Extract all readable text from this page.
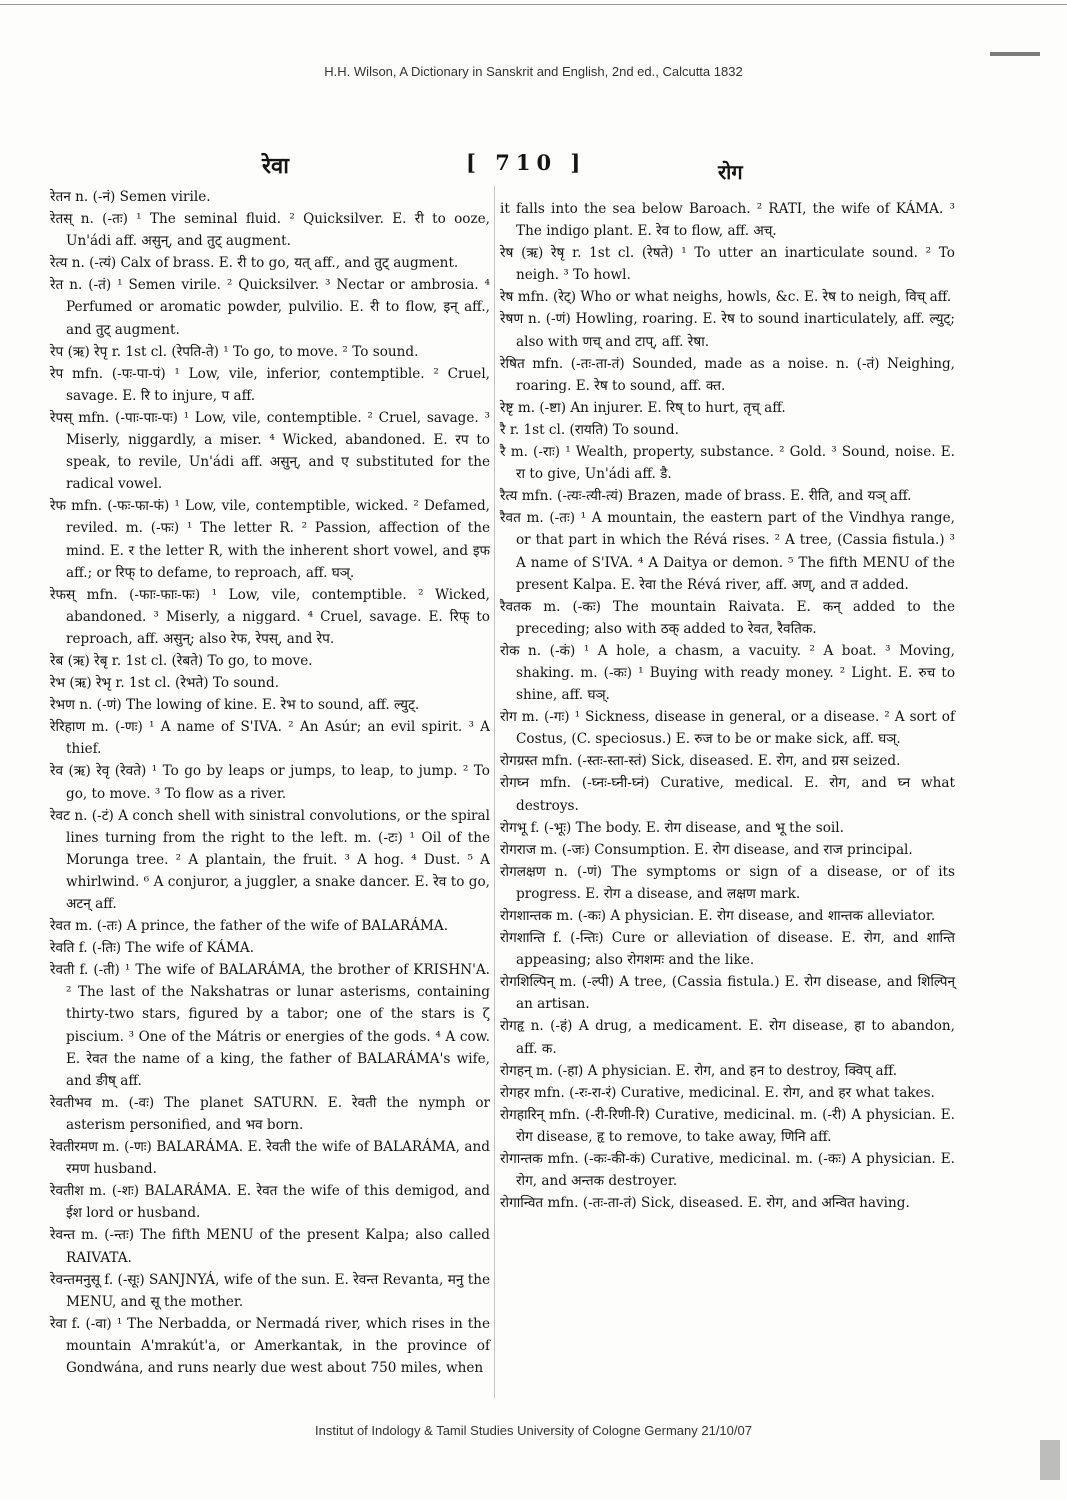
H.H. Wilson, A Dictionary in Sanskrit and English, 2nd ed., Calcutta 1832
रेवा	[ 710 ]	रोग

रेतन n. (-नं) Semen virile.

रेतस् n. (-तः) ¹ The seminal fluid. ² Quicksilver. E. री to ooze, Un'ádi aff. असुन्, and तुट् augment.

रेत्य n. (-त्यं) Calx of brass. E. री to go, यत् aff., and तुट् augment.

रेत n. (-तं) ¹ Semen virile. ² Quicksilver. ³ Nectar or ambrosia. ⁴ Perfumed or aromatic powder, pulvilio. E. री to flow, इन् aff., and तुट् augment.

रेप (ऋ) रेपृ r. 1st cl. (रेपति-ते) ¹ To go, to move. ² To sound.

रेप mfn. (-पः-पा-पं) ¹ Low, vile, inferior, contemptible. ² Cruel, savage. E. रि to injure, प aff.

रेपस् mfn. (-पाः-पाः-पः) ¹ Low, vile, contemptible. ² Cruel, savage. ³ Miserly, niggardly, a miser. ⁴ Wicked, abandoned. E. रप to speak, to revile, Un'ádi aff. असुन्, and ए substituted for the radical vowel.

रेफ mfn. (-फः-फा-फं) ¹ Low, vile, contemptible, wicked. ² Defamed, reviled. m. (-फः) ¹ The letter R. ² Passion, affection of the mind. E. र the letter R, with the inherent short vowel, and इफ aff.; or रिफ् to defame, to reproach, aff. घञ्.

रेफस् mfn. (-फाः-फाः-फः) ¹ Low, vile, contemptible. ² Wicked, abandoned. ³ Miserly, a niggard. ⁴ Cruel, savage. E. रिफ् to reproach, aff. असुन्; also रेफ, रेपस्, and रेप.

रेब (ऋ) रेबृ r. 1st cl. (रेबते) To go, to move.

रेभ (ऋ) रेभृ r. 1st cl. (रेभते) To sound.

रेभण n. (-णं) The lowing of kine. E. रेभ to sound, aff. ल्युट्.

रेरिहाण m. (-णः) ¹ A name of S'IVA. ² An Asúr; an evil spirit. ³ A thief.

रेव (ऋ) रेवृ (रेवते) ¹ To go by leaps or jumps, to leap, to jump. ² To go, to move. ³ To flow as a river.

रेवट n. (-टं) A conch shell with sinistral convolutions, or the spiral lines turning from the right to the left. m. (-टः) ¹ Oil of the Morunga tree. ² A plantain, the fruit. ³ A hog. ⁴ Dust. ⁵ A whirlwind. ⁶ A conjuror, a juggler, a snake dancer. E. रेव to go, अटन् aff.

रेवत m. (-तः) A prince, the father of the wife of BALARÁMA.

रेवति f. (-तिः) The wife of KÁMA.

रेवती f. (-ती) ¹ The wife of BALARÁMA, the brother of KRISHN'A. ² The last of the Nakshatras or lunar asterisms, containing thirty-two stars, figured by a tabor; one of the stars is ζ piscium. ³ One of the Mátris or energies of the gods. ⁴ A cow. E. रेवत the name of a king, the father of BALARÁMA's wife, and ङीष् aff.

रेवतीभव m. (-वः) The planet SATURN. E. रेवती the nymph or asterism personified, and भव born.

रेवतीरमण m. (-णः) BALARÁMA. E. रेवती the wife of BALARÁMA, and रमण husband.

रेवतीश m. (-शः) BALARÁMA. E. रेवत the wife of this demigod, and ईश lord or husband.

रेवन्त m. (-न्तः) The fifth MENU of the present Kalpa; also called RAIVATA.

रेवन्तमनुसू f. (-सूः) SANJNYÁ, wife of the sun. E. रेवन्त Revanta, मनु the MENU, and सू the mother.

रेवा f. (-वा) ¹ The Nerbadda, or Nermadá river, which rises in the mountain A'mrakút'a, or Amerkantak, in the province of Gondwána, and runs nearly due west about 750 miles, when

it falls into the sea below Baroach. ² RATI, the wife of KÁMA. ³ The indigo plant. E. रेव to flow, aff. अच्.

रेष (ऋ) रेषृ r. 1st cl. (रेषते) ¹ To utter an inarticulate sound. ² To neigh. ³ To howl.

रेष mfn. (रेट्) Who or what neighs, howls, &c. E. रेष to neigh, विच् aff.

रेषण n. (-णं) Howling, roaring. E. रेष to sound inarticulately, aff. ल्युट्; also with णच् and टाप्, aff. रेषा.

रेषित mfn. (-तः-ता-तं) Sounded, made as a noise. n. (-तं) Neighing, roaring. E. रेष to sound, aff. क्त.

रेष्टृ m. (-ष्टा) An injurer. E. रिष् to hurt, तृच् aff.

रै r. 1st cl. (रायति) To sound.

रै m. (-राः) ¹ Wealth, property, substance. ² Gold. ³ Sound, noise. E. रा to give, Un'ádi aff. डै.

रैत्य mfn. (-त्यः-त्यी-त्यं) Brazen, made of brass. E. रीति, and यञ् aff.

रैवत m. (-तः) ¹ A mountain, the eastern part of the Vindhya range, or that part in which the Révá rises. ² A tree, (Cassia fistula.) ³ A name of S'IVA. ⁴ A Daitya or demon. ⁵ The fifth MENU of the present Kalpa. E. रेवा the Révá river, aff. अण्, and त added.

रैवतक m. (-कः) The mountain Raivata. E. कन् added to the preceding; also with ठक् added to रेवत, रैवतिक.

रोक n. (-कं) ¹ A hole, a chasm, a vacuity. ² A boat. ³ Moving, shaking. m. (-कः) ¹ Buying with ready money. ² Light. E. रुच to shine, aff. घञ्.

रोग m. (-गः) ¹ Sickness, disease in general, or a disease. ² A sort of Costus, (C. speciosus.) E. रुज to be or make sick, aff. घञ्.

रोगग्रस्त mfn. (-स्तः-स्ता-स्तं) Sick, diseased. E. रोग, and ग्रस seized.

रोगघ्न mfn. (-घ्नः-घ्नी-घ्नं) Curative, medical. E. रोग, and घ्न what destroys.

रोगभू f. (-भूः) The body. E. रोग disease, and भू the soil.

रोगराज m. (-जः) Consumption. E. रोग disease, and राज principal.

रोगलक्षण n. (-णं) The symptoms or sign of a disease, or of its progress. E. रोग a disease, and लक्षण mark.

रोगशान्तक m. (-कः) A physician. E. रोग disease, and शान्तक alleviator.

रोगशान्ति f. (-न्तिः) Cure or alleviation of disease. E. रोग, and शान्ति appeasing; also रोगशमः and the like.

रोगशिल्पिन् m. (-ल्पी) A tree, (Cassia fistula.) E. रोग disease, and शिल्पिन् an artisan.

रोगहृ n. (-हं) A drug, a medicament. E. रोग disease, हा to abandon, aff. क.

रोगहन् m. (-हा) A physician. E. रोग, and हन to destroy, क्विप् aff.

रोगहर mfn. (-रः-रा-रं) Curative, medicinal. E. रोग, and हर what takes.

रोगहारिन् mfn. (-री-रिणी-रि) Curative, medicinal. m. (-री) A physician. E. रोग disease, हृ to remove, to take away, णिनि aff.

रोगान्तक mfn. (-कः-की-कं) Curative, medicinal. m. (-कः) A physician. E. रोग, and अन्तक destroyer.

रोगान्वित mfn. (-तः-ता-तं) Sick, diseased. E. रोग, and अन्वित having.

Institut of Indology & Tamil Studies University of Cologne Germany 21/10/07
